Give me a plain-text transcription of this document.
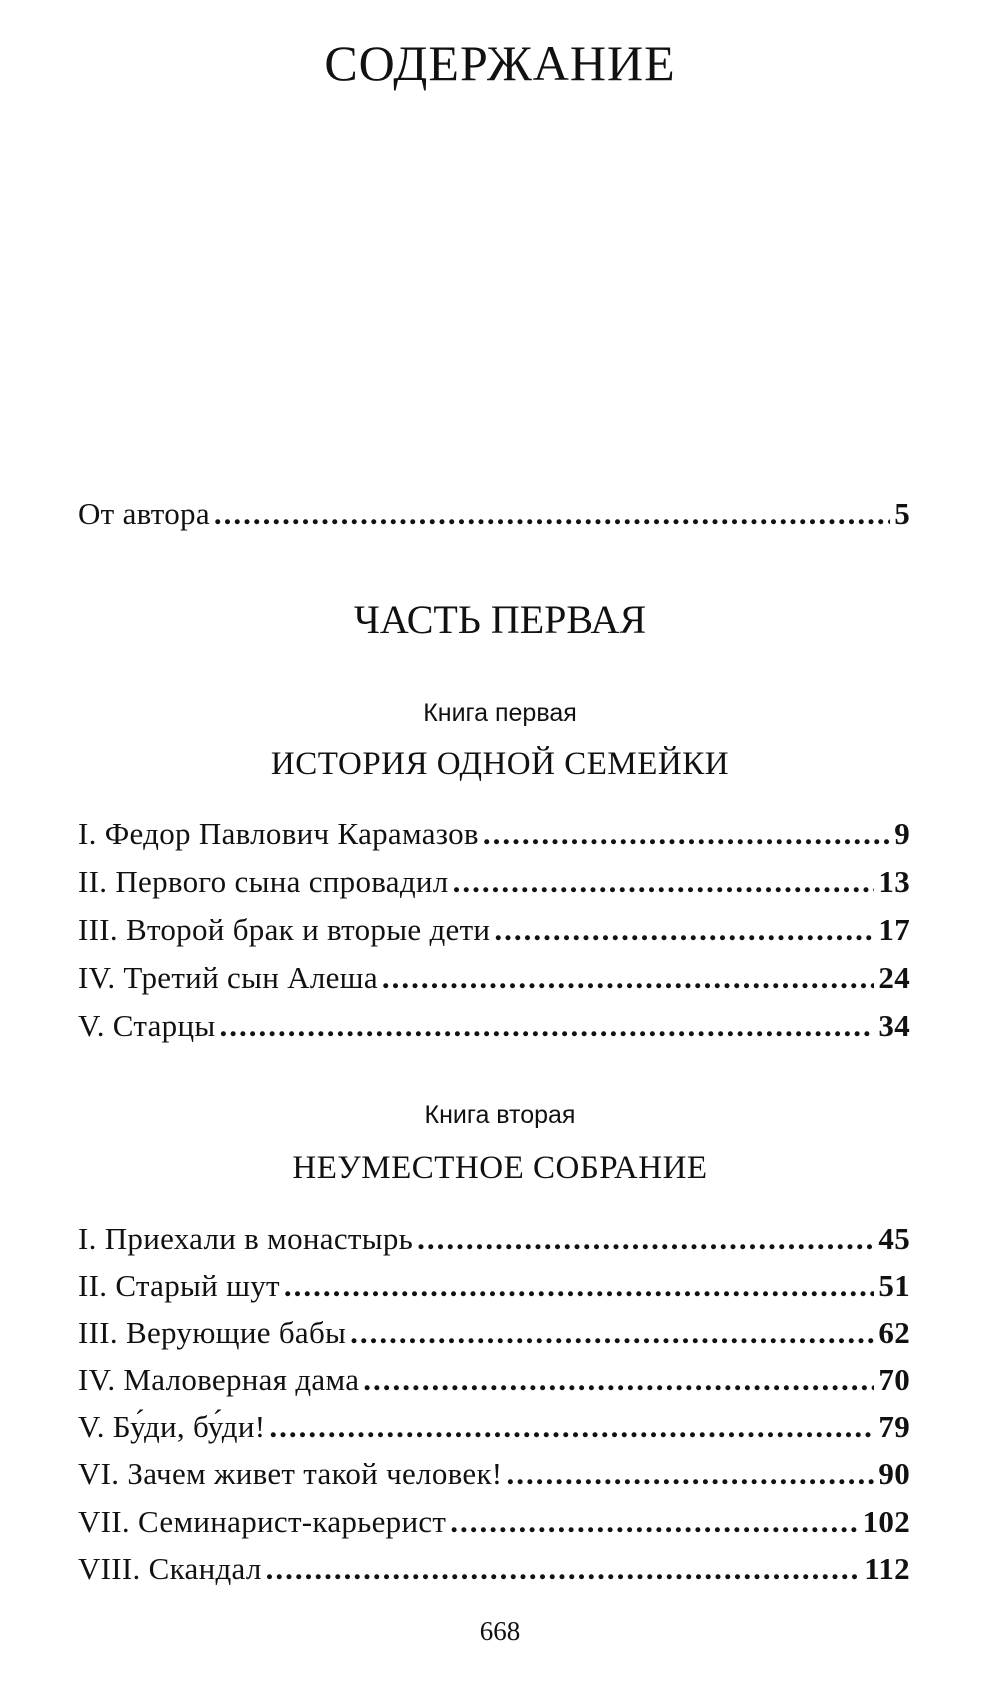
СОДЕРЖАНИЕ
От автора .....	5
ЧАСТЬ ПЕРВАЯ
Книга первая
ИСТОРИЯ ОДНОЙ СЕМЕЙКИ
I. Федор Павлович Карамазов .....	9
II. Первого сына спровадил .....	13
III. Второй брак и вторые дети .....	17
IV. Третий сын Алеша .....	24
V. Старцы .....	34
Книга вторая
НЕУМЕСТНОЕ СОБРАНИЕ
I. Приехали в монастырь .....	45
II. Старый шут .....	51
III. Верующие бабы .....	62
IV. Маловерная дама .....	70
V. Бу́ди, бу́ди! .....	79
VI. Зачем живет такой человек! .....	90
VII. Семинарист-карьерист .....	102
VIII. Скандал .....	112
668
